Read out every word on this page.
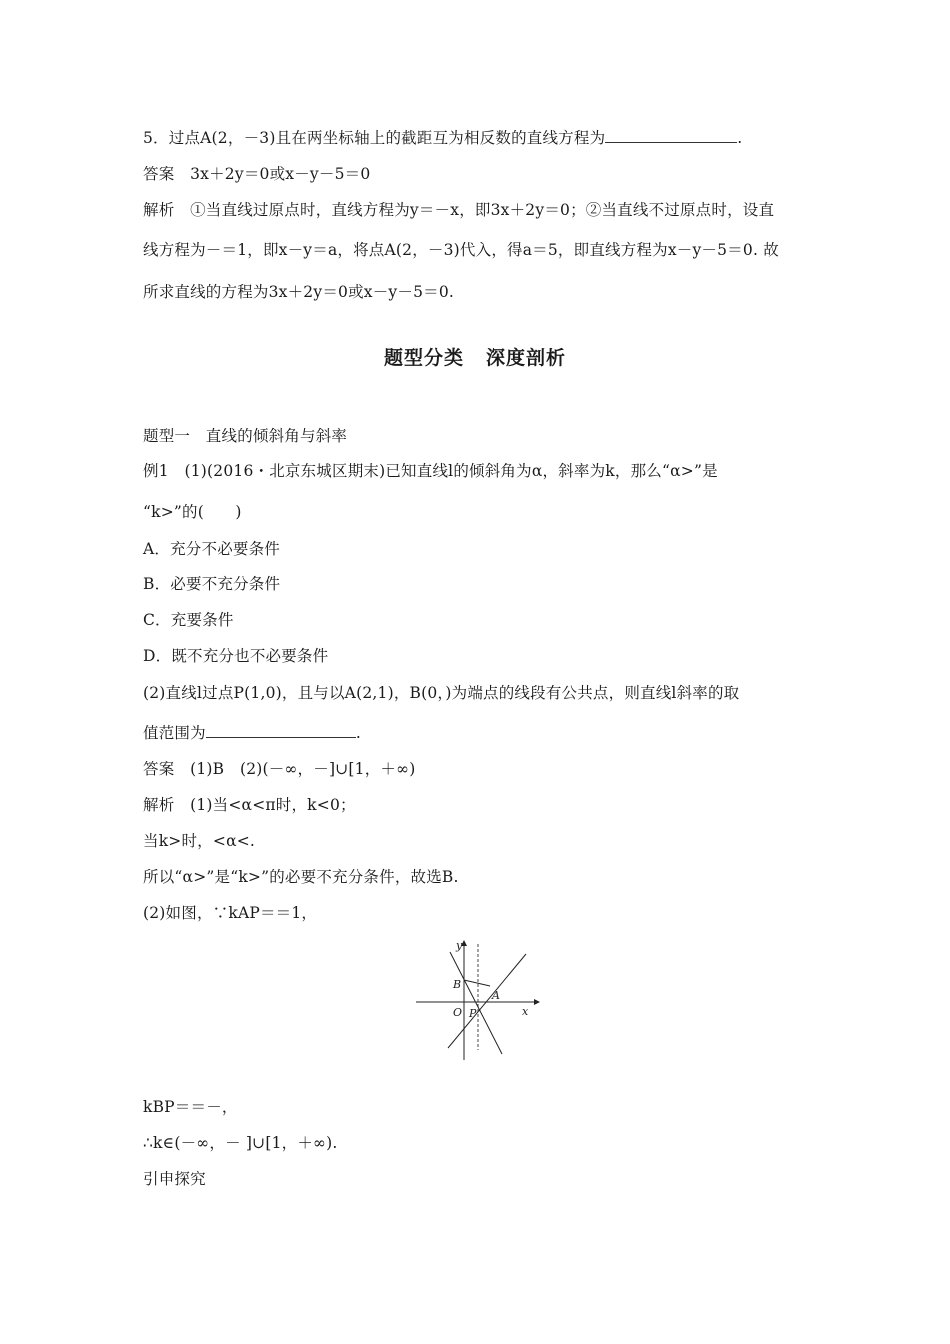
5．过点A(2，－3)且在两坐标轴上的截距互为相反数的直线方程为	.
答案　3x＋2y＝0或x－y－5＝0
解析　①当直线过原点时，直线方程为y＝－x，即3x＋2y＝0；②当直线不过原点时，设直
线方程为－＝1，即x－y＝a，将点A(2，－3)代入，得a＝5，即直线方程为x－y－5＝0. 故
所求直线的方程为3x＋2y＝0或x－y－5＝0.
题型分类 深度剖析
题型一　直线的倾斜角与斜率
例1　(1)(2016・北京东城区期末)已知直线l的倾斜角为α，斜率为k，那么“α>”是
“k>”的(　　)
A．充分不必要条件
B．必要不充分条件
C．充要条件
D．既不充分也不必要条件
(2)直线l过点P(1,0)，且与以A(2,1)，B(0，)为端点的线段有公共点，则直线l斜率的取
值范围为	.
答案　(1)B　(2)(－∞，－]∪[1，＋∞)
解析　(1)当<α<π时，k<0；
当k>时，<α<.
所以“α>”是“k>”的必要不充分条件，故选B.
(2)如图，∵kAP＝＝1，
y
x
O
A
B
P
kBP＝＝－，
∴k∈(－∞，－ ]∪[1，＋∞).
引申探究
